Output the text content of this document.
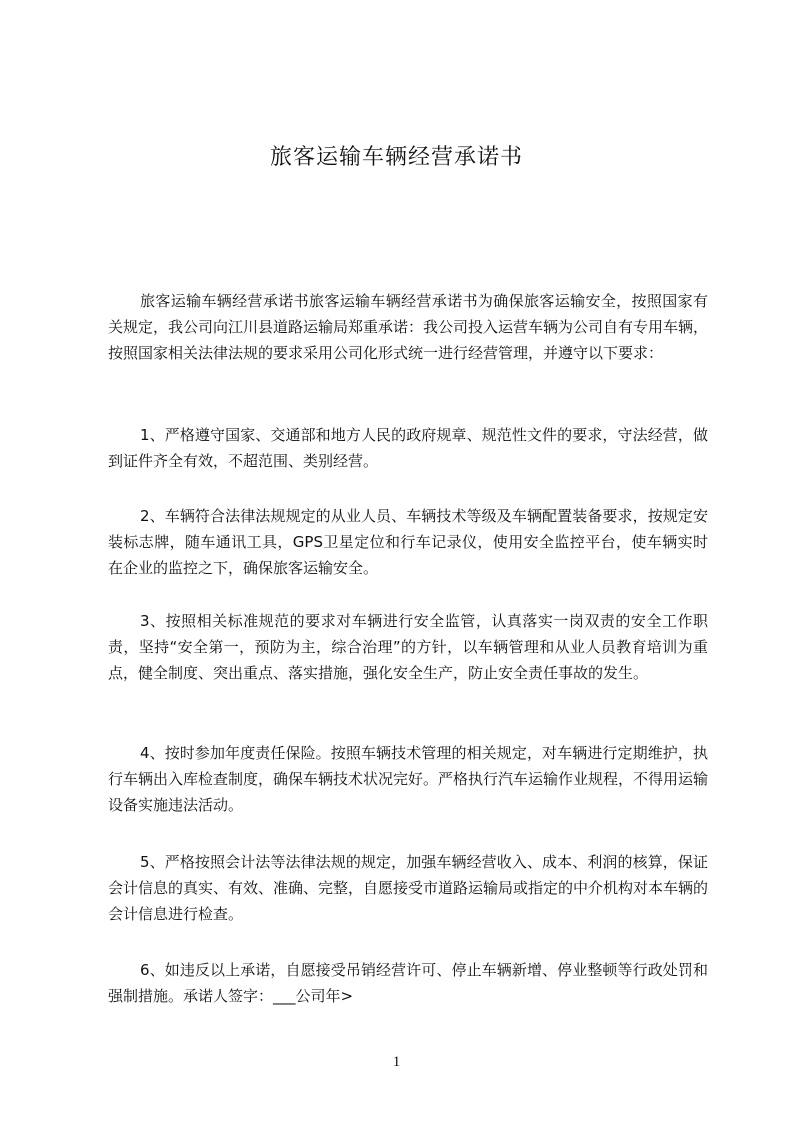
旅客运输车辆经营承诺书
旅客运输车辆经营承诺书旅客运输车辆经营承诺书为确保旅客运输安全，按照国家有关规定，我公司向江川县道路运输局郑重承诺：我公司投入运营车辆为公司自有专用车辆，按照国家相关法律法规的要求采用公司化形式统一进行经营管理，并遵守以下要求：
1、严格遵守国家、交通部和地方人民的政府规章、规范性文件的要求，守法经营，做到证件齐全有效，不超范围、类别经营。
2、车辆符合法律法规规定的从业人员、车辆技术等级及车辆配置装备要求，按规定安装标志牌，随车通讯工具，GPS卫星定位和行车记录仪，使用安全监控平台，使车辆实时在企业的监控之下，确保旅客运输安全。
3、按照相关标准规范的要求对车辆进行安全监管，认真落实一岗双责的安全工作职责，坚持“安全第一，预防为主，综合治理”的方针，以车辆管理和从业人员教育培训为重点，健全制度、突出重点、落实措施，强化安全生产，防止安全责任事故的发生。
4、按时参加年度责任保险。按照车辆技术管理的相关规定，对车辆进行定期维护，执行车辆出入库检查制度，确保车辆技术状况完好。严格执行汽车运输作业规程，不得用运输设备实施违法活动。
5、严格按照会计法等法律法规的规定，加强车辆经营收入、成本、利润的核算，保证会计信息的真实、有效、准确、完整，自愿接受市道路运输局或指定的中介机构对本车辆的会计信息进行检查。
6、如违反以上承诺，自愿接受吊销经营许可、停止车辆新增、停业整顿等行政处罚和强制措施。承诺人签字：___公司年>
1
